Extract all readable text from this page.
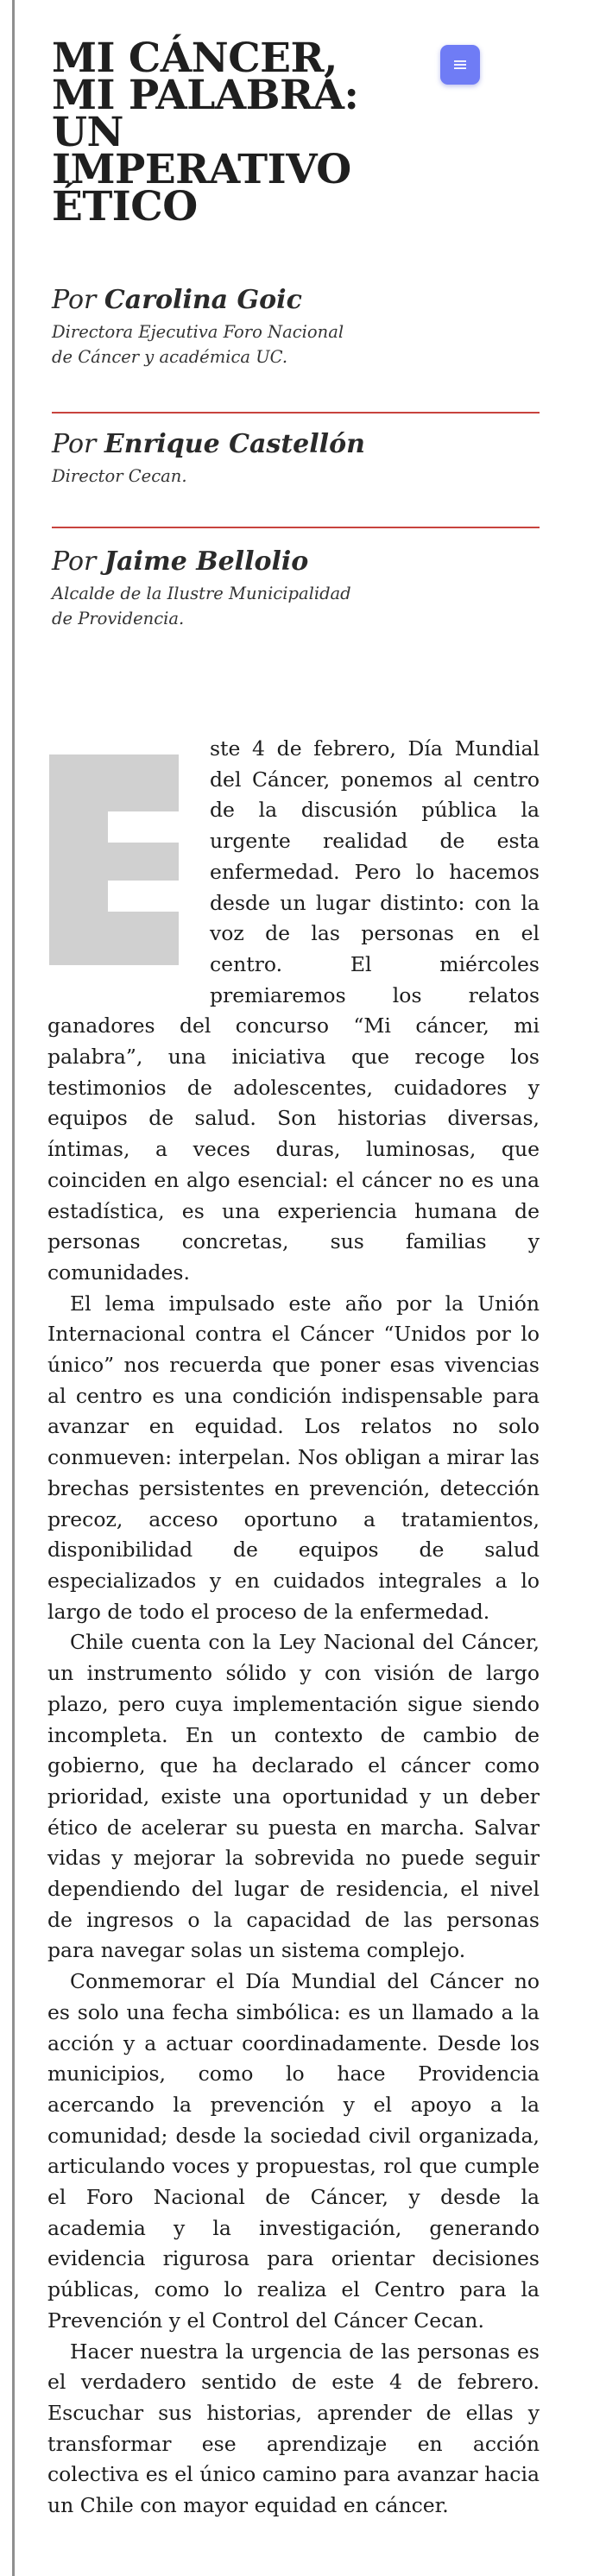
MI CÁNCER,
MI PALABRA:
UN IMPERATIVO
ÉTICO
Por Carolina Goic
Directora Ejecutiva Foro Nacional
de Cáncer y académica UC.
Por Enrique Castellón
Director Cecan.
Por Jaime Bellolio
Alcalde de la Ilustre Municipalidad
de Providencia.

ste 4 de febrero, Día Mundial del Cáncer, ponemos al centro de la discusión pública la urgente realidad de esta enfermedad. Pero lo hacemos desde un lugar distinto: con la voz de las personas en el centro. El miércoles premiaremos los relatos ganadores del concurso “Mi cáncer, mi palabra”, una iniciativa que recoge los testimonios de adolescentes, cuidadores y equipos de salud. Son historias diversas, íntimas, a veces duras, luminosas, que coinciden en algo esencial: el cáncer no es una estadística, es una experiencia humana de personas concretas, sus familias y comunidades.

El lema impulsado este año por la Unión Internacional contra el Cáncer “Unidos por lo único” nos recuerda que poner esas vivencias al centro es una condición indispensable para avanzar en equidad. Los relatos no solo conmueven: interpelan. Nos obligan a mirar las brechas persistentes en prevención, detección precoz, acceso oportuno a tratamientos, disponibilidad de equipos de salud especializados y en cuidados integrales a lo largo de todo el proceso de la enfermedad.

Chile cuenta con la Ley Nacional del Cáncer, un instrumento sólido y con visión de largo plazo, pero cuya implementación sigue siendo incompleta. En un contexto de cambio de gobierno, que ha declarado el cáncer como prioridad, existe una oportunidad y un deber ético de acelerar su puesta en marcha. Salvar vidas y mejorar la sobrevida no puede seguir dependiendo del lugar de residencia, el nivel de ingresos o la capacidad de las personas para navegar solas un sistema complejo.

Conmemorar el Día Mundial del Cáncer no es solo una fecha simbólica: es un llamado a la acción y a actuar coordinadamente. Desde los municipios, como lo hace Providencia acercando la prevención y el apoyo a la comunidad; desde la sociedad civil organizada, articulando voces y propuestas, rol que cumple el Foro Nacional de Cáncer, y desde la academia y la investigación, generando evidencia rigurosa para orientar decisiones públicas, como lo realiza el Centro para la Prevención y el Control del Cáncer Cecan.

Hacer nuestra la urgencia de las personas es el verdadero sentido de este 4 de febrero. Escuchar sus historias, aprender de ellas y transformar ese aprendizaje en acción colectiva es el único camino para avanzar hacia un Chile con mayor equidad en cáncer.
